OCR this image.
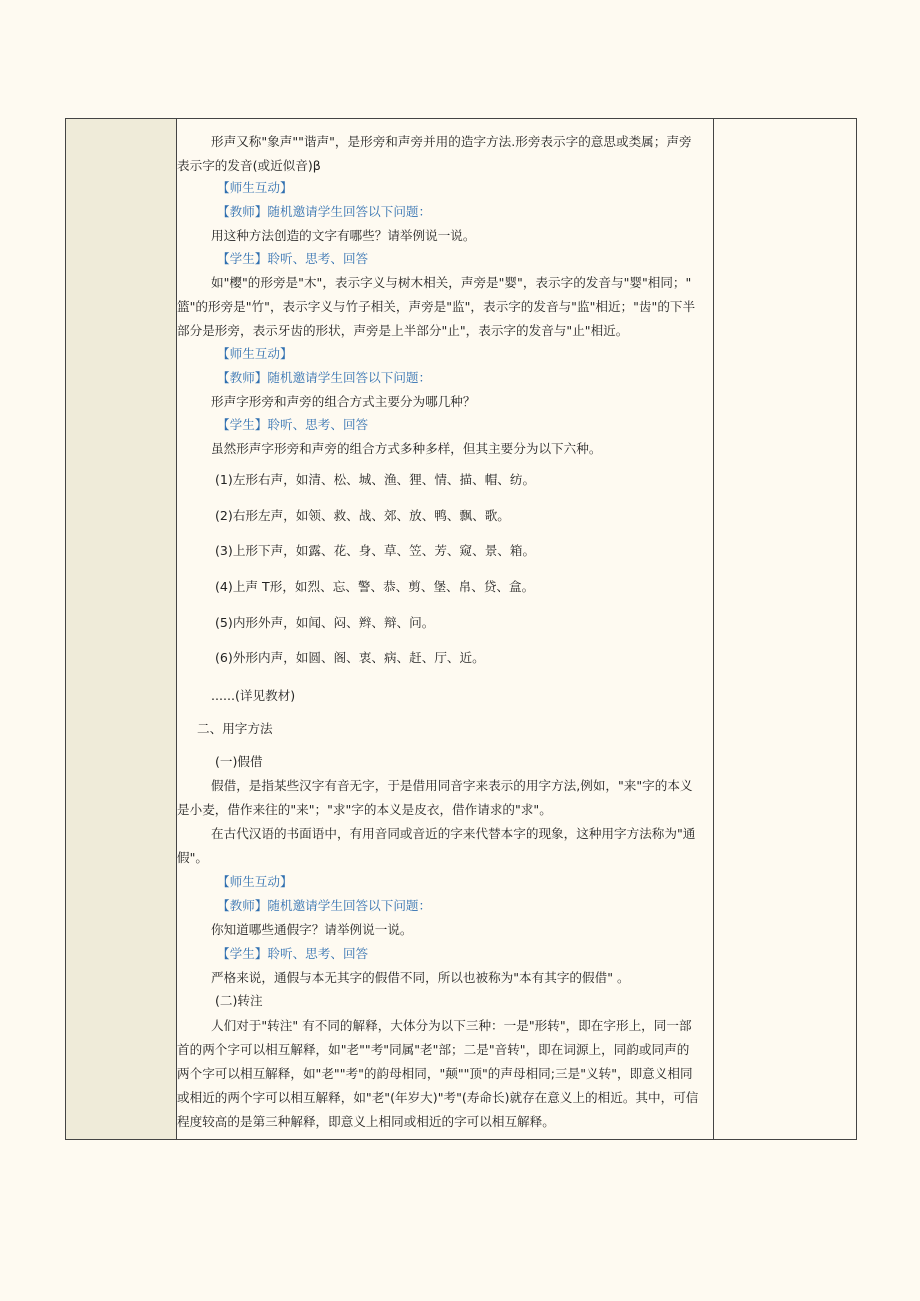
形声又称"象声""谐声"，是形旁和声旁并用的造字方法.形旁表示字的意思或类属；声旁
表示字的发音(或近似音)β
【师生互动】
【教师】随机邀请学生回答以下问题：
用这种方法创造的文字有哪些？请举例说一说。
【学生】聆听、思考、回答
如"樱"的形旁是"木"，表示字义与树木相关，声旁是"婴"，表示字的发音与"婴"相同；"
篮"的形旁是"竹"，表示字义与竹子相关，声旁是"监"，表示字的发音与"监"相近；"齿"的下半
部分是形旁，表示牙齿的形状，声旁是上半部分"止"，表示字的发音与"止"相近。
【师生互动】
【教师】随机邀请学生回答以下问题：
形声字形旁和声旁的组合方式主要分为哪几种？
【学生】聆听、思考、回答
虽然形声字形旁和声旁的组合方式多种多样，但其主要分为以下六种。
(1)左形右声，如清、松、城、渔、狸、情、描、帽、纺。
(2)右形左声，如领、救、战、郊、放、鸭、飘、歌。
(3)上形下声，如露、花、身、草、笠、芳、窥、景、箱。
(4)上声 T形，如烈、忘、警、恭、剪、堡、帛、贷、盒。
(5)内形外声，如闻、闷、辫、辩、问。
(6)外形内声，如圆、阁、衷、病、赶、厅、近。
......(详见教材)
二、用字方法
(一)假借
假借，是指某些汉字有音无字，于是借用同音字来表示的用字方法,例如，"来"字的本义
是小麦，借作来往的"来"；"求"字的本义是皮衣，借作请求的"求"。
在古代汉语的书面语中，有用音同或音近的字来代替本字的现象，这种用字方法称为"通
假"。
【师生互动】
【教师】随机邀请学生回答以下问题：
你知道哪些通假字？请举例说一说。
【学生】聆听、思考、回答
严格来说，通假与本无其字的假借不同，所以也被称为"本有其字的假借" 。
(二)转注
人们对于"转注" 有不同的解释，大体分为以下三种：一是"形转"，即在字形上，同一部
首的两个字可以相互解释，如"老""考"同属"老"部；二是"音转"，即在词源上，同韵或同声的
两个字可以相互解释，如"老""考"的韵母相同，"颠""顶"的声母相同;三是"义转"，即意义相同
或相近的两个字可以相互解释，如"老"(年岁大)"考"(寿命长)就存在意义上的相近。其中，可信
程度较高的是第三种解释，即意义上相同或相近的字可以相互解释。
